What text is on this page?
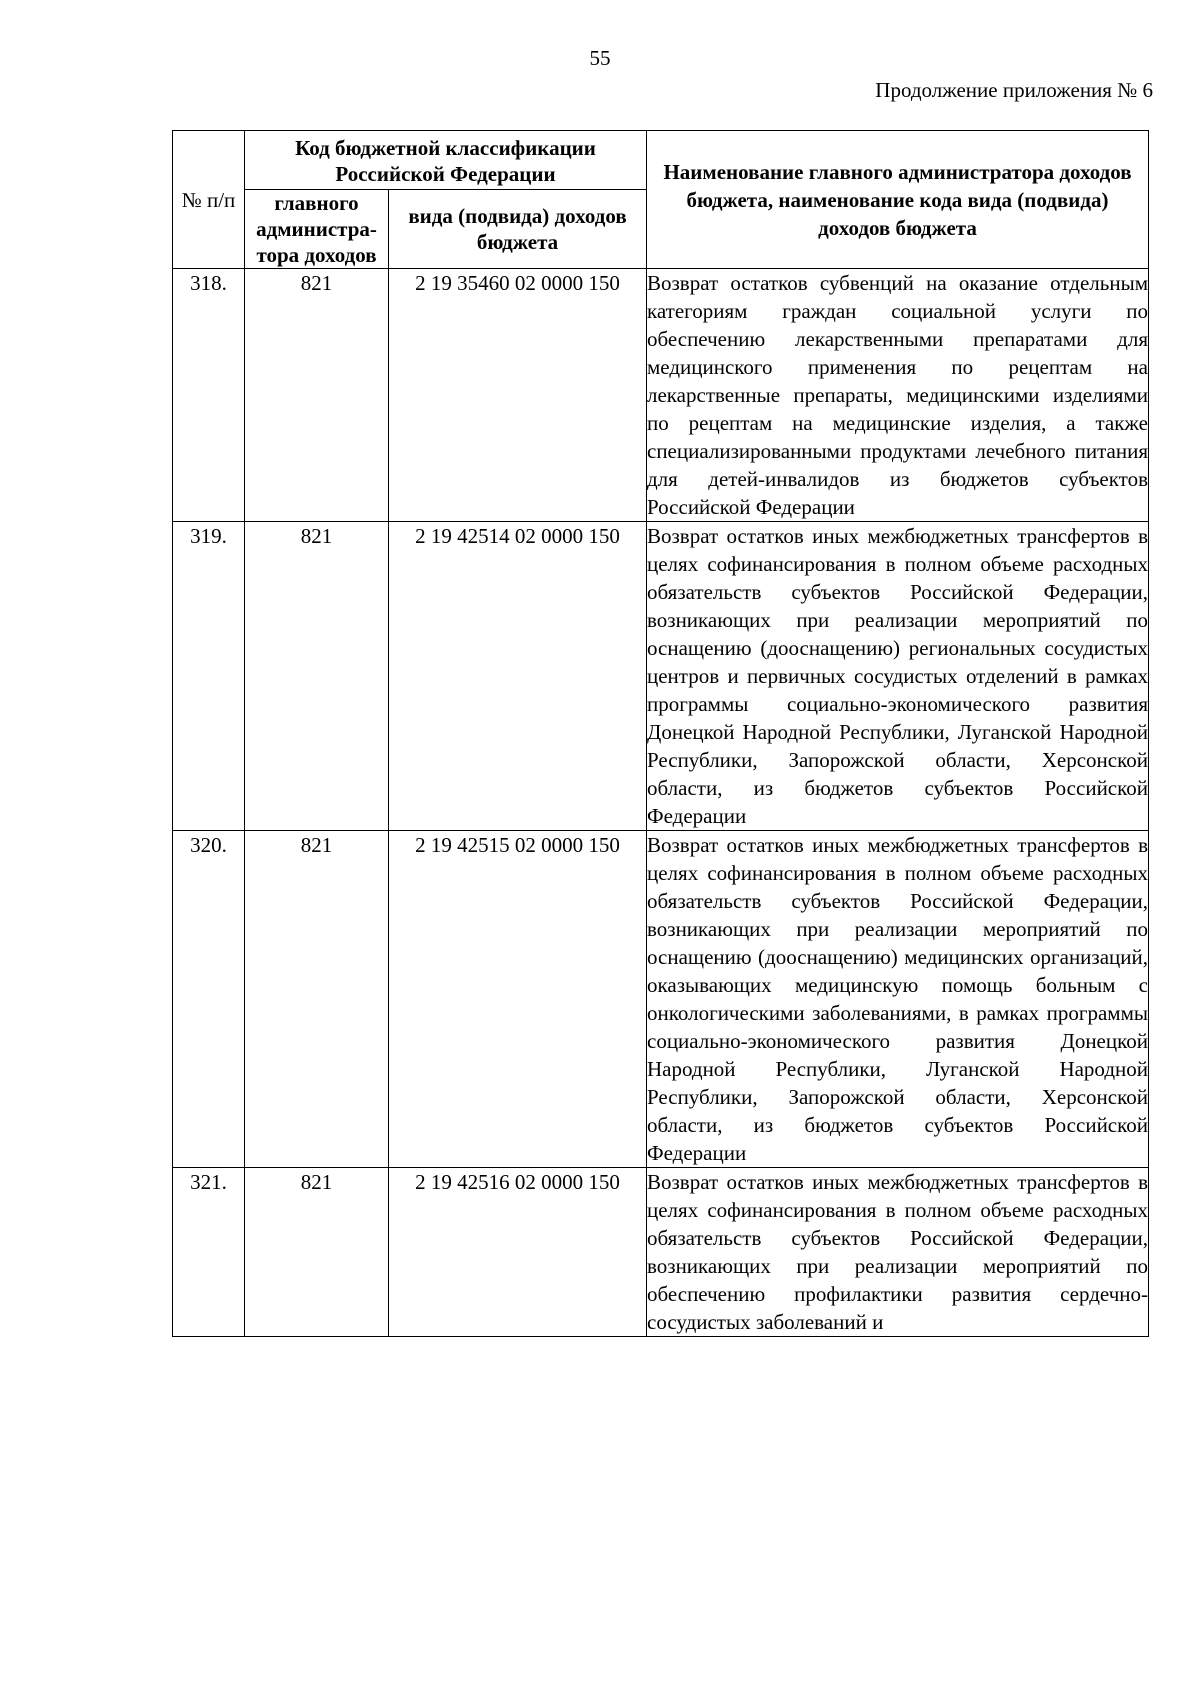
55
Продолжение приложения № 6
№ п/п	Код бюджетной классификации Российской Федерации		Наименование главного администратора доходов бюджета, наименование кода вида (подвида) доходов бюджета
	главного администра-тора доходов	вида (подвида) доходов бюджета	
318.	821	2 19 35460 02 0000 150	Возврат остатков субвенций на оказание отдельным категориям граждан социальной услуги по обеспечению лекарственными препаратами для медицинского применения по рецептам на лекарственные препараты, медицинскими изделиями по рецептам на медицинские изделия, а также специализированными продуктами лечебного питания для детей-инвалидов из бюджетов субъектов Российской Федерации
319.	821	2 19 42514 02 0000 150	Возврат остатков иных межбюджетных трансфертов в целях софинансирования в полном объеме расходных обязательств субъектов Российской Федерации, возникающих при реализации мероприятий по оснащению (дооснащению) региональных сосудистых центров и первичных сосудистых отделений в рамках программы социально-экономического развития Донецкой Народной Республики, Луганской Народной Республики, Запорожской области, Херсонской области, из бюджетов субъектов Российской Федерации
320.	821	2 19 42515 02 0000 150	Возврат остатков иных межбюджетных трансфертов в целях софинансирования в полном объеме расходных обязательств субъектов Российской Федерации, возникающих при реализации мероприятий по оснащению (дооснащению) медицинских организаций, оказывающих медицинскую помощь больным с онкологическими заболеваниями, в рамках программы социально-экономического развития Донецкой Народной Республики, Луганской Народной Республики, Запорожской области, Херсонской области, из бюджетов субъектов Российской Федерации
321.	821	2 19 42516 02 0000 150	Возврат остатков иных межбюджетных трансфертов в целях софинансирования в полном объеме расходных обязательств субъектов Российской Федерации, возникающих при реализации мероприятий по обеспечению профилактики развития сердечно-сосудистых заболеваний и
